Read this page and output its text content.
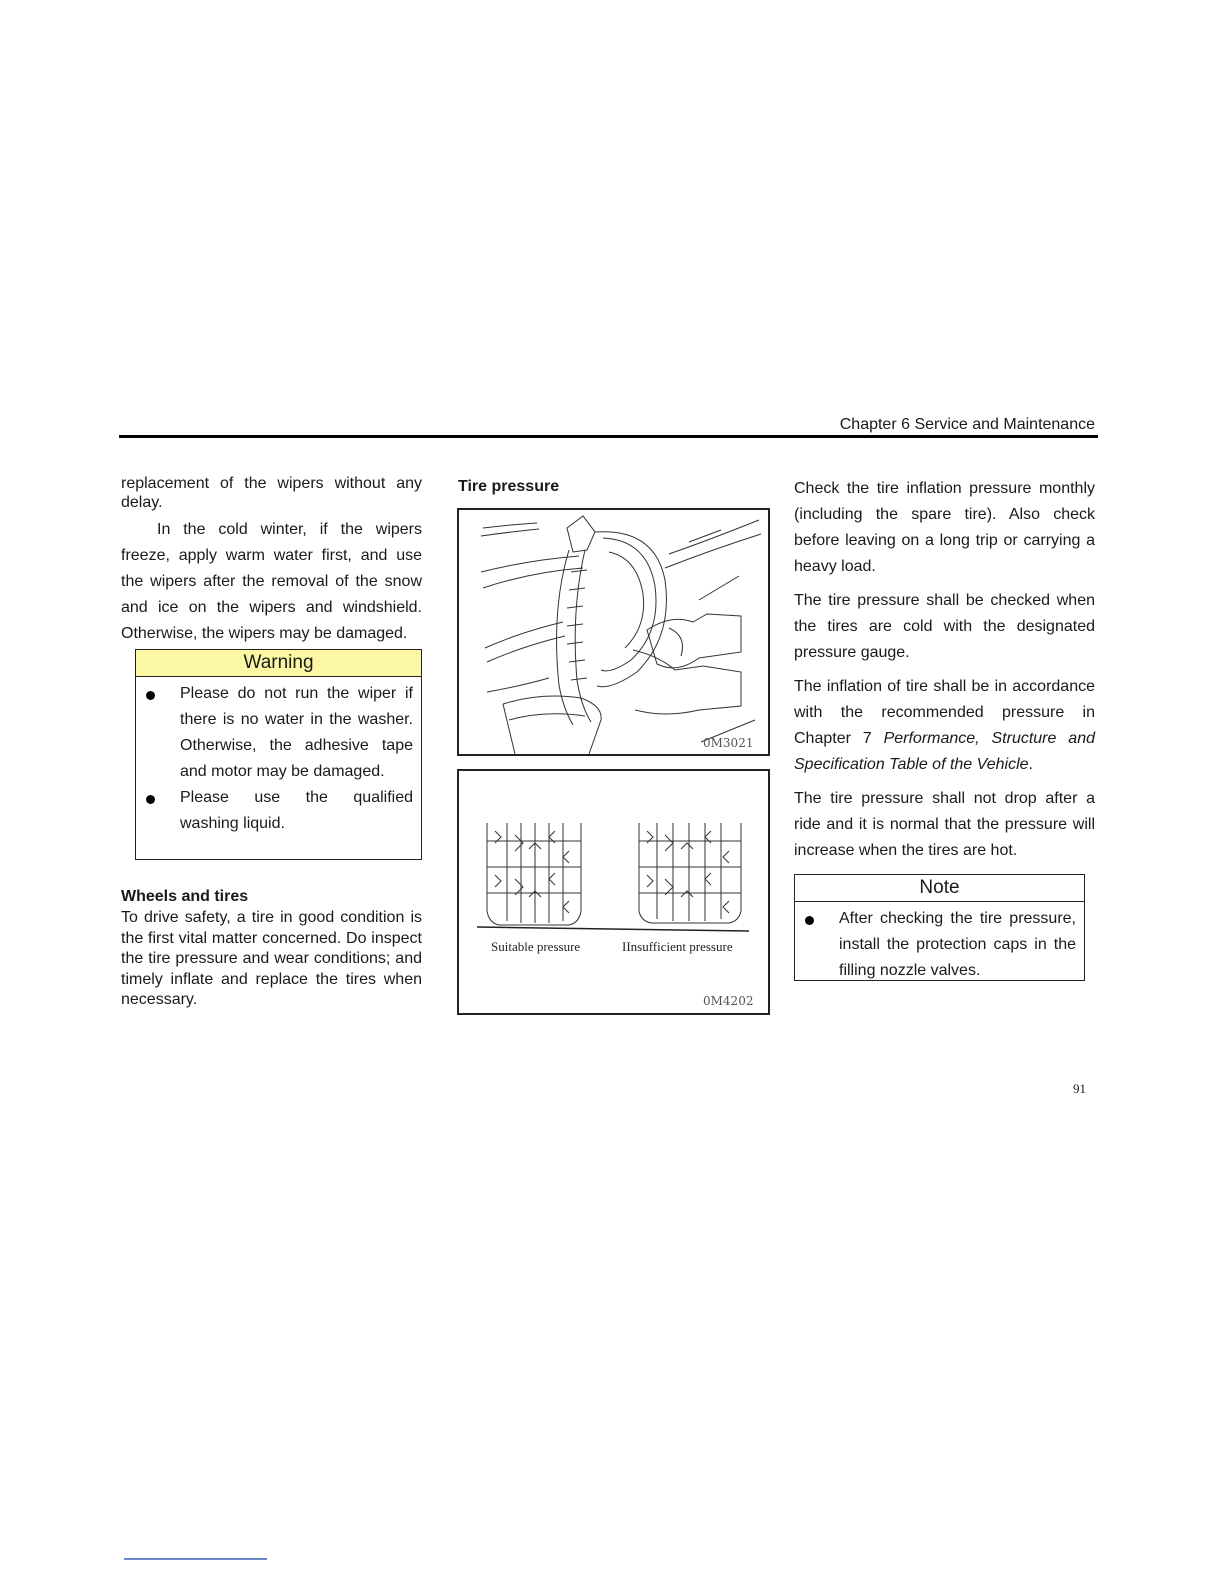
Chapter 6 Service and Maintenance

replacement of the wipers without any delay.

In the cold winter, if the wipers freeze, apply warm water first, and use the wipers after the removal of the snow and ice on the wipers and windshield. Otherwise, the wipers may be damaged.

Warning
Please do not run the wiper if there is no water in the washer. Otherwise, the adhesive tape and motor may be damaged.
Please use the qualified washing liquid.
Wheels and tires

To drive safety, a tire in good condition is the first vital matter concerned. Do inspect the tire pressure and wear conditions; and timely inflate and replace the tires when necessary.

Tire pressure
0M3021
Suitable pressure	IInsufficient pressure
0M4202

Check the tire inflation pressure monthly (including the spare tire). Also check before leaving on a long trip or carrying a heavy load.

The tire pressure shall be checked when the tires are cold with the designated pressure gauge.

The inflation of tire shall be in accordance with the recommended pressure in Chapter 7 Performance, Structure and Specification Table of the Vehicle.

The tire pressure shall not drop after a ride and it is normal that the pressure will increase when the tires are hot.

Note
After checking the tire pressure, install the protection caps in the filling nozzle valves.
91
